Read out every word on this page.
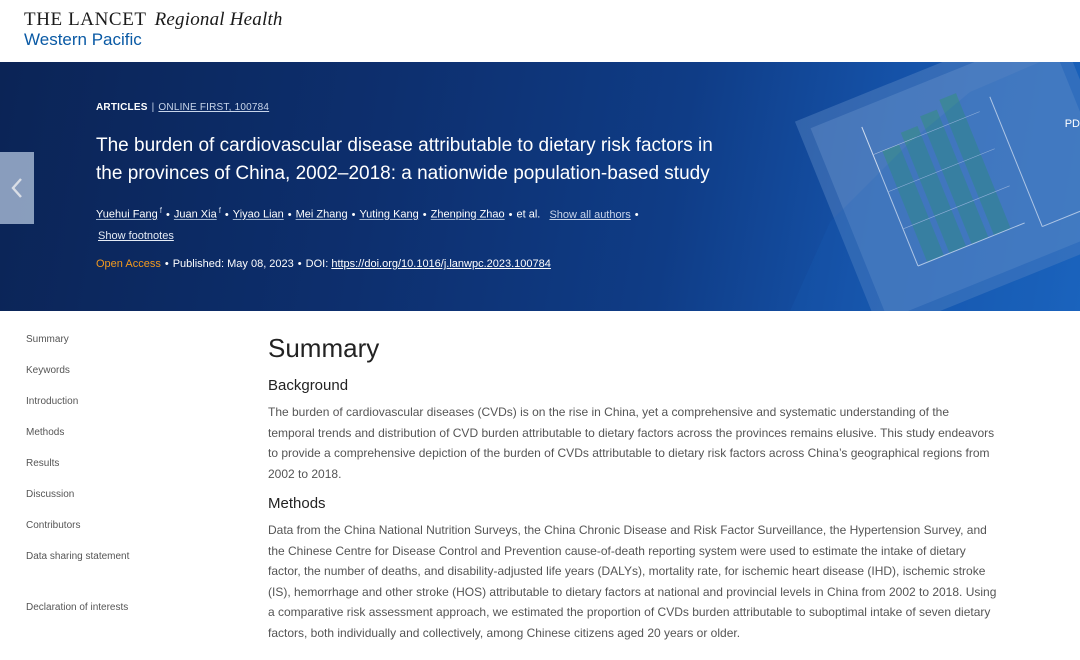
THE LANCET Regional Health
Western Pacific
ARTICLES | ONLINE FIRST, 100784
The burden of cardiovascular disease attributable to dietary risk factors in the provinces of China, 2002–2018: a nationwide population-based study
Yuehui Fang $^f$ • Juan Xia $^f$ • Yiyao Lian • Mei Zhang • Yuting Kang • Zhenping Zhao • et al. Show all authors •
Show footnotes
Open Access • Published: May 08, 2023 • DOI: https://doi.org/10.1016/j.lanwpc.2023.100784
PD
Summary
Keywords
Introduction
Methods
Results
Discussion
Contributors
Data sharing statement
Declaration of interests
Summary
Background

The burden of cardiovascular diseases (CVDs) is on the rise in China, yet a comprehensive and systematic understanding of the temporal trends and distribution of CVD burden attributable to dietary factors across the provinces remains elusive. This study endeavors to provide a comprehensive depiction of the burden of CVDs attributable to dietary risk factors across China’s geographical regions from 2002 to 2018.

Methods

Data from the China National Nutrition Surveys, the China Chronic Disease and Risk Factor Surveillance, the Hypertension Survey, and the Chinese Centre for Disease Control and Prevention cause-of-death reporting system were used to estimate the intake of dietary factor, the number of deaths, and disability-adjusted life years (DALYs), mortality rate, for ischemic heart disease (IHD), ischemic stroke (IS), hemorrhage and other stroke (HOS) attributable to dietary factors at national and provincial levels in China from 2002 to 2018. Using a comparative risk assessment approach, we estimated the proportion of CVDs burden attributable to suboptimal intake of seven dietary factors, both individually and collectively, among Chinese citizens aged 20 years or older.
